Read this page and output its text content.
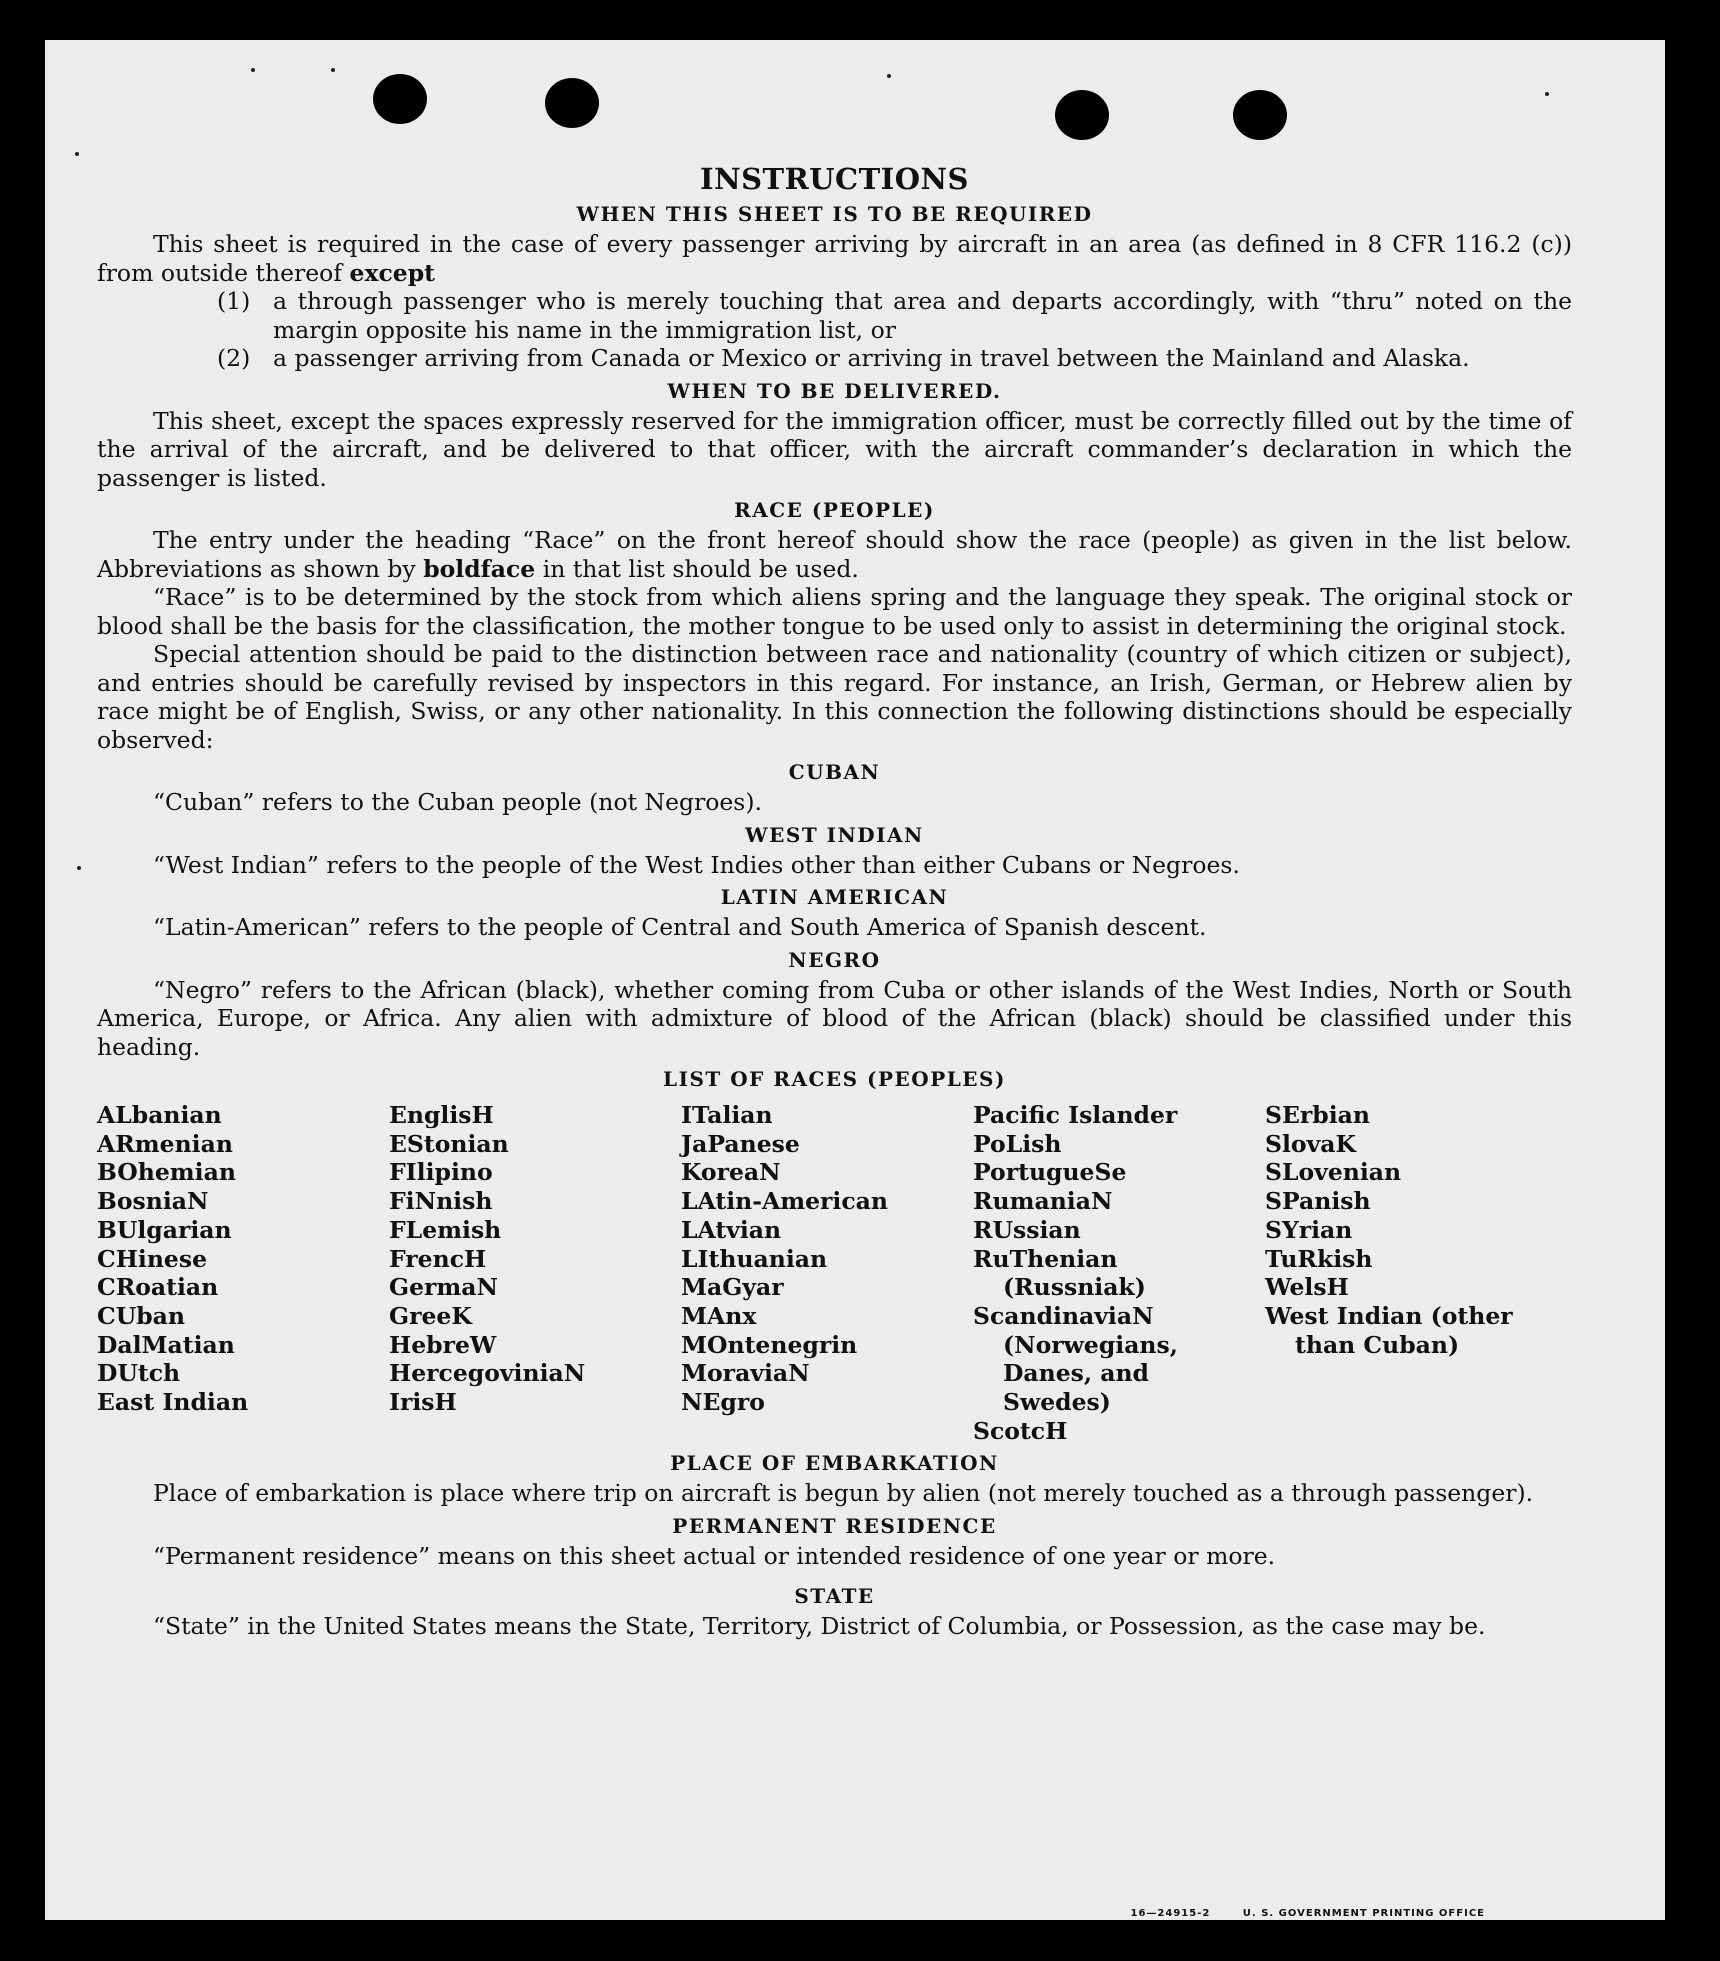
INSTRUCTIONS
WHEN THIS SHEET IS TO BE REQUIRED

This sheet is required in the case of every passenger arriving by aircraft in an area (as defined in 8 CFR 116.2 (c)) from outside thereof except

(1) a through passenger who is merely touching that area and departs accordingly, with “thru” noted on the margin opposite his name in the immigration list, or
(2) a passenger arriving from Canada or Mexico or arriving in travel between the Mainland and Alaska.
WHEN TO BE DELIVERED.

This sheet, except the spaces expressly reserved for the immigration officer, must be correctly filled out by the time of the arrival of the aircraft, and be delivered to that officer, with the aircraft commander’s declaration in which the passenger is listed.

RACE (PEOPLE)

The entry under the heading “Race” on the front hereof should show the race (people) as given in the list below. Abbreviations as shown by boldface in that list should be used.

“Race” is to be determined by the stock from which aliens spring and the language they speak. The original stock or blood shall be the basis for the classification, the mother tongue to be used only to assist in determining the original stock.

Special attention should be paid to the distinction between race and nationality (country of which citizen or subject), and entries should be carefully revised by inspectors in this regard. For instance, an Irish, German, or Hebrew alien by race might be of English, Swiss, or any other nationality. In this connection the following distinctions should be especially observed:

CUBAN
“Cuban” refers to the Cuban people (not Negroes).
WEST INDIAN
“West Indian” refers to the people of the West Indies other than either Cubans or Negroes.
LATIN AMERICAN
“Latin-American” refers to the people of Central and South America of Spanish descent.
NEGRO

“Negro” refers to the African (black), whether coming from Cuba or other islands of the West Indies, North or South America, Europe, or Africa. Any alien with admixture of blood of the African (black) should be classified under this heading.

LIST OF RACES (PEOPLES)
ALbanian
ARmenian
BOhemian
BosniaN
BUlgarian
CHinese
CRoatian
CUban
DalMatian
DUtch
East Indian
EnglisH
EStonian
FIlipino
FiNnish
FLemish
FrencH
GermaN
GreeK
HebreW
HercegoviniaN
IrisH
ITalian
JaPanese
KoreaN
LAtin-American
LAtvian
LIthuanian
MaGyar
MAnx
MOntenegrin
MoraviaN
NEgro
Pacific Islander
PoLish
PortugueSe
RumaniaN
RUssian
RuThenian (Russniak)
ScandinaviaN (Norwegians, Danes, and Swedes)
ScotcH
SErbian
SlovaK
SLovenian
SPanish
SYrian
TuRkish
WelsH
West Indian (other than Cuban)
PLACE OF EMBARKATION

Place of embarkation is place where trip on aircraft is begun by alien (not merely touched as a through passenger).

PERMANENT RESIDENCE
“Permanent residence” means on this sheet actual or intended residence of one year or more.
STATE

“State” in the United States means the State, Territory, District of Columbia, or Possession, as the case may be.

16—24915-2	U. S. GOVERNMENT PRINTING OFFICE
